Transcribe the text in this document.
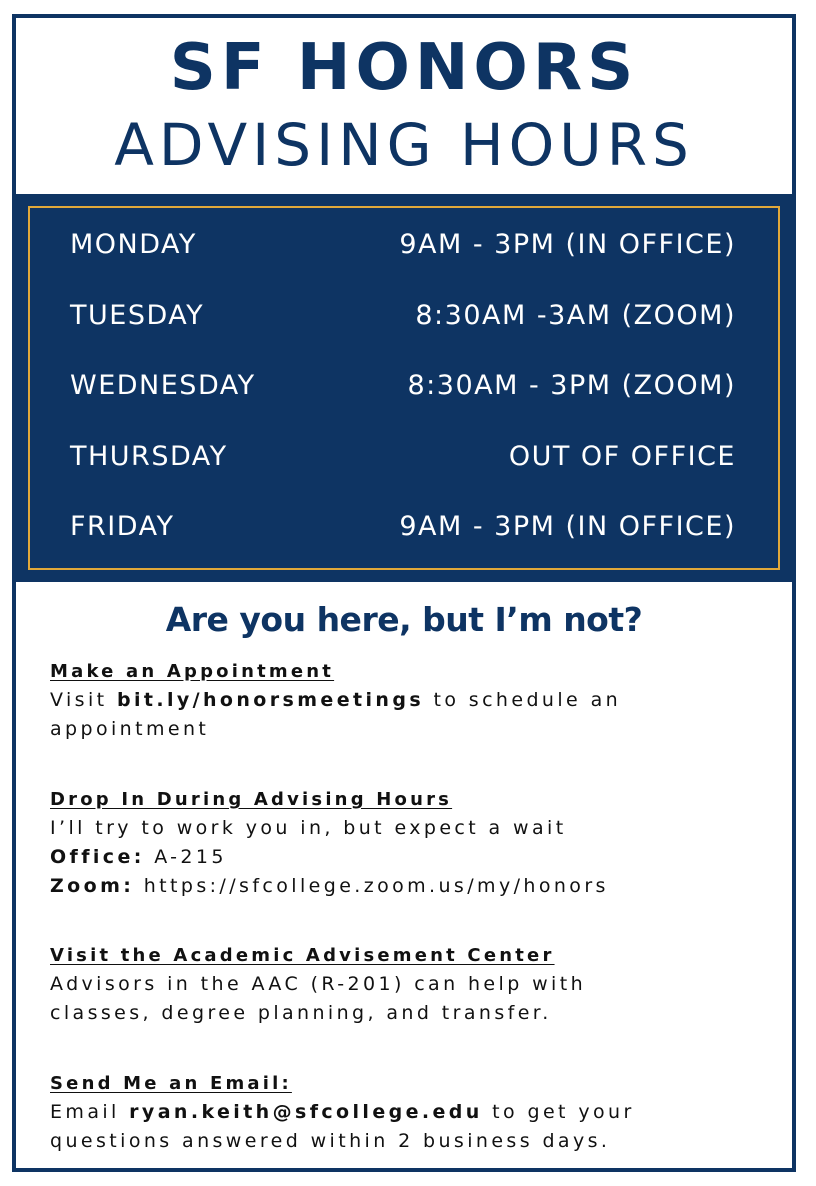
SF HONORS
ADVISING HOURS
MONDAY	9AM - 3PM (IN OFFICE)
TUESDAY	8:30AM -3AM (ZOOM)
WEDNESDAY	8:30AM - 3PM (ZOOM)
THURSDAY	OUT OF OFFICE
FRIDAY	9AM - 3PM (IN OFFICE)
Are you here, but I’m not?
Make an Appointment
Visit bit.ly/honorsmeetings to schedule an
appointment
Drop In During Advising Hours
I’ll try to work you in, but expect a wait
Office: A-215
Zoom: https://sfcollege.zoom.us/my/honors
Visit the Academic Advisement Center
Advisors in the AAC (R-201) can help with
classes, degree planning, and transfer.
Send Me an Email:
Email ryan.keith@sfcollege.edu to get your
questions answered within 2 business days.
